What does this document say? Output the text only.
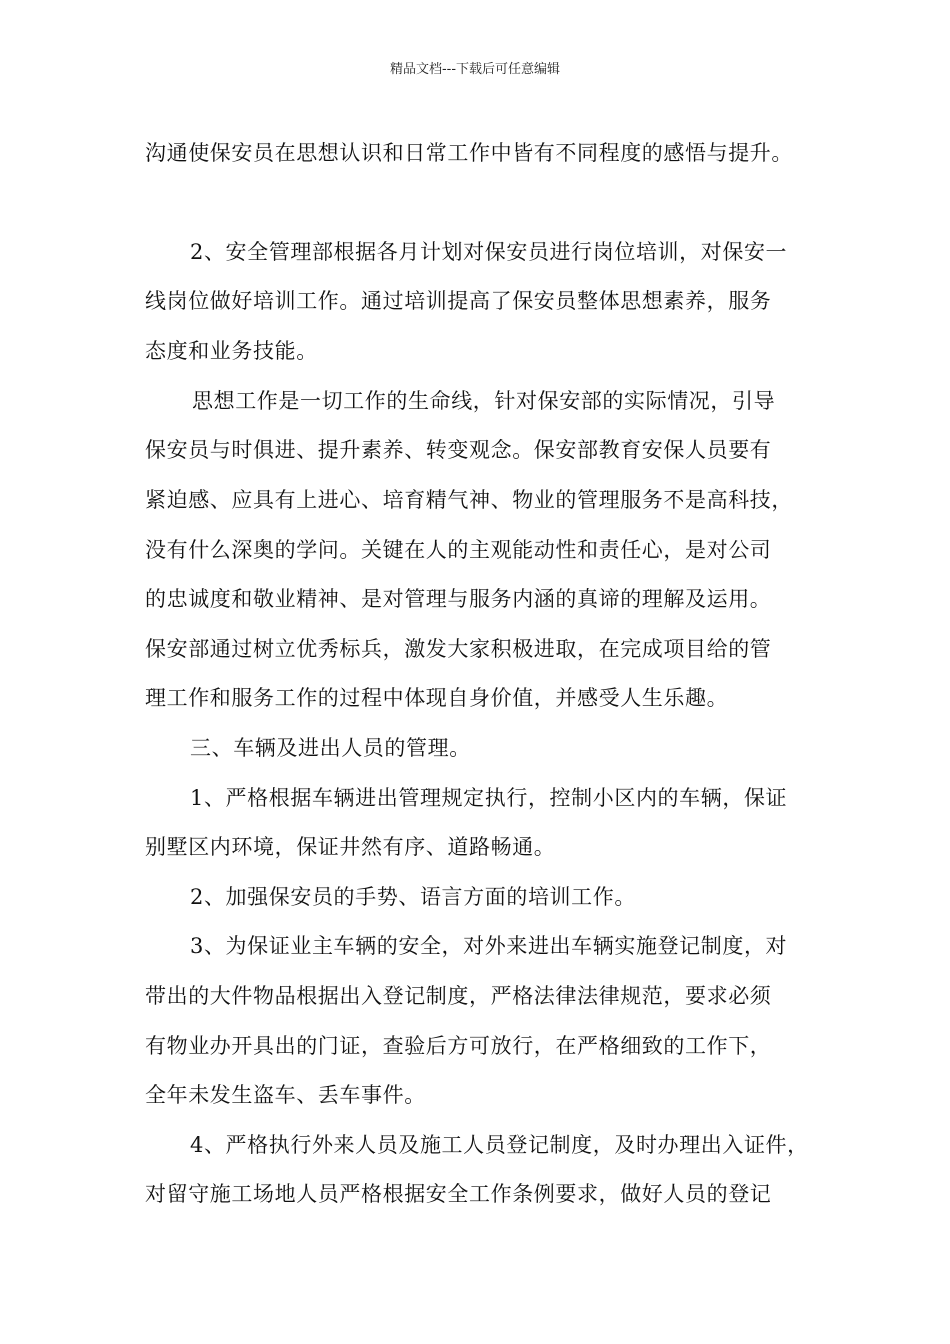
精品文档---下载后可任意编辑
沟通使保安员在思想认识和日常工作中皆有不同程度的感悟与提升。
2、安全管理部根据各月计划对保安员进行岗位培训，对保安一
线岗位做好培训工作。通过培训提高了保安员整体思想素养，服务
态度和业务技能。
思想工作是一切工作的生命线，针对保安部的实际情况，引导
保安员与时俱进、提升素养、转变观念。保安部教育安保人员要有
紧迫感、应具有上进心、培育精气神、物业的管理服务不是高科技，
没有什么深奥的学问。关键在人的主观能动性和责任心，是对公司
的忠诚度和敬业精神、是对管理与服务内涵的真谛的理解及运用。
保安部通过树立优秀标兵，激发大家积极进取，在完成项目给的管
理工作和服务工作的过程中体现自身价值，并感受人生乐趣。
三、车辆及进出人员的管理。
1、严格根据车辆进出管理规定执行，控制小区内的车辆，保证
别墅区内环境，保证井然有序、道路畅通。
2、加强保安员的手势、语言方面的培训工作。
3、为保证业主车辆的安全，对外来进出车辆实施登记制度，对
带出的大件物品根据出入登记制度，严格法律法律规范，要求必须
有物业办开具出的门证，查验后方可放行，在严格细致的工作下，
全年未发生盗车、丢车事件。
4、严格执行外来人员及施工人员登记制度，及时办理出入证件，
对留守施工场地人员严格根据安全工作条例要求，做好人员的登记
